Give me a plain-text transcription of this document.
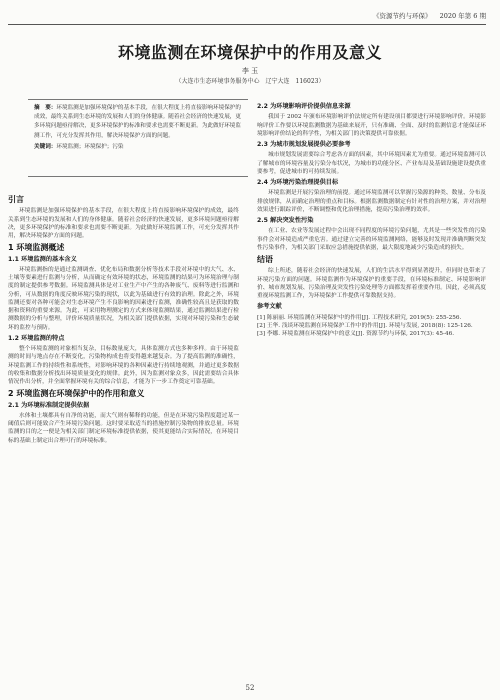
《资源节约与环保》 2020 年第 6 期
环境监测在环境保护中的作用及意义
李 玉
（大连市生态环境事务服务中心　辽宁大连　116023）
摘　要：环境监测是加强环境保护的基本手段，在很大程度上将直接影响环境保护的成效，最终关系到生态环境的发展和人们的身体健康。随着社会经济的快速发展，更多环境问题亟待解决，更多环境保护的标准和要求也需要不断更新。为此做好环境监测工作，可充分发挥其作用，解决环境保护方面的问题。
关键词：环境监测；环境保护；污染
引言

环境监测是加强环境保护的基本手段，在很大程度上将直接影响环境保护的成效，最终关系到生态环境的发展和人们的身体健康。随着社会经济的快速发展，更多环境问题亟待解决，更多环境保护的标准和要求也需要不断更新。为此做好环境监测工作，可充分发挥其作用，解决环境保护方面的问题。

1 环境监测概述
1.1 环境监测的基本含义

环境监测指的是通过监测调查、优化布局和数据分析等技术手段对环境中的大气、水、土壤等要素进行监测与分析，从而确定有效环境的状态，环境监测的结果可为环境治理与制度的制定提供参考数据。环境监测具体是对工业生产中产生的各种废气、废料等进行监测和分析，可从数据的角度反映环境污染的现状，以此为基础进行有效的治理。除此之外，环境监测还要对各种可能会对生态环境产生不良影响的因素进行监测，准确性较高且是获取的数据和资料的重要来源。为此，可采用物理测定的方式来体现监测结果，通过监测结果进行检测数据的分析与整理，评价环境质量状况，为相关部门提供依据，实现对环境污染和生态破坏的监控与预防。

1.2 环境监测的特点

整个环境监测的对象相当复杂，目标数量庞大，具体监测方式也多种多样。由于环境监测的时间与地点存在不断变化，污染物构成也将变得越来越复杂。为了提高监测的准确性，环境监测工作的持续性和系统性，对影响环境的各种因素进行持续地观测，并通过更多数据的收集和数据分析找出环境质量变化的规律。此外，因为监测对象众多，因此需要结合具体情况作出分析，并全面掌握环境有关的综合信息，才能为下一步工作奠定可靠基础。

2 环境监测在环境保护中的作用和意义
2.1 为环境标准制定提供依据

水体和土壤都具有自净的功能，而大气则有稀释的功能，但是在环境污染程度超过某一阈值后则可能致合产生环境污染问题。这时要采取适当的措施控制污染物的排放总量。环境监测的目的之一便是为相关部门制定环境标准提供依据，使其更能结合实际情况，在环境目标的基础上制定出合理可行的环境标准。

2.2 为环境影响评价提供信息来源

我国于 2002 年颁布环境影响评价法规定所有建设项目都要进行环境影响评价。环境影响评价工作要以环境监测数据为基础来展开，只有准确、全面、及时的监测信息才能保证环境影响评价结论的科学性，为相关部门的决策提供可靠依据。

2.3 为城市规划发展提供必要参考

城市规划发展需要综合考虑各方面的因素，其中环境因素尤为重要。通过环境监测可以了解城市的环境容量及污染分布状况，为城市的功能分区、产业布局及基础设施建设提供重要参考，促进城市的可持续发展。

2.4 为环境污染治理提供目标

环境监测是开展污染治理的前提。通过环境监测可以掌握污染源的种类、数量、分布及排放规律，从而确定治理的重点和目标。根据监测数据制定有针对性的治理方案，并对治理效果进行跟踪评价，不断调整和优化治理措施，提高污染治理的效率。

2.5 解决突发性污染

在工业、农业等发展过程中会出现不同程度的环境污染问题，尤其是一些突发性的污染事件会对环境造成严重危害。通过建立完善的环境监测网络，能够及时发现并准确判断突发性污染事件，为相关部门采取应急措施提供依据，最大限度地减少污染造成的损失。

结语

综上所述，随着社会经济的快速发展，人们的生活水平得到显著提升，但同时也带来了环境污染方面的问题。环境监测作为环境保护的重要手段，在环境标准制定、环境影响评价、城市规划发展、污染治理及突发性污染处理等方面都发挥着重要作用。因此，必须高度重视环境监测工作，为环境保护工作提供可靠数据支持。

参考文献

[1] 陈丽丽. 环境监测在环境保护中的作用[J]. 工程技术研究, 2019(5): 255-256.

[2] 王华. 浅谈环境监测在环境保护工作中的作用[J]. 环境与发展, 2018(8): 125-126.

[3] 李娜. 环境监测在环境保护中的意义[J]. 资源节约与环保, 2017(3): 45-46.

52
